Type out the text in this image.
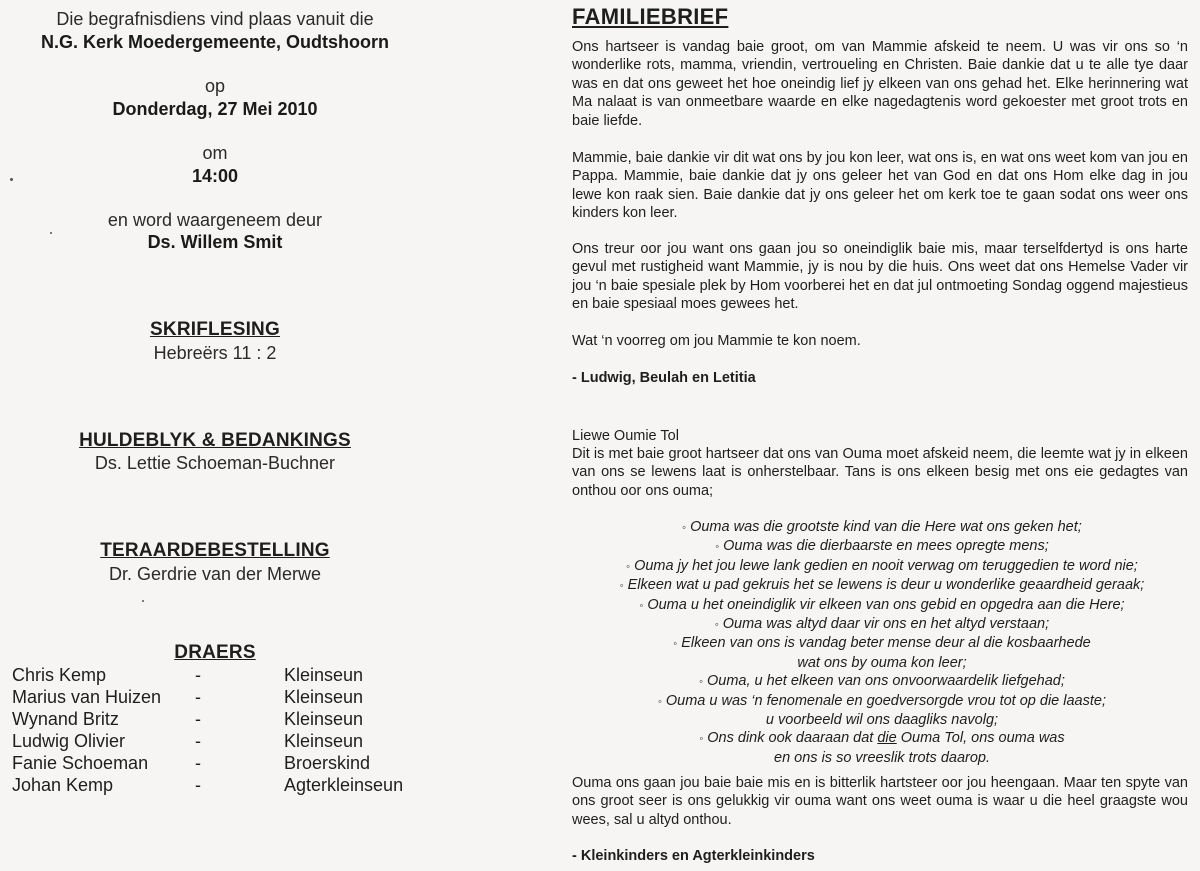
Die begrafnisdiens vind plaas vanuit die
N.G. Kerk Moedergemeente, Oudtshoorn
op
Donderdag, 27 Mei 2010
om
14:00
en word waargeneem deur
Ds. Willem Smit
SKRIFLESING
Hebreërs 11 : 2
HULDEBLYK & BEDANKINGS
Ds. Lettie Schoeman-Buchner
TERAARDEBESTELLING
Dr. Gerdrie van der Merwe
DRAERS
Chris Kemp	-	Kleinseun
Marius van Huizen -	Kleinseun
Wynand Britz	-	Kleinseun
Ludwig Olivier	-	Kleinseun
Fanie Schoeman	-	Broerskind
Johan Kemp	-	Agterkleinseun
FAMILIEBRIEF
Ons hartseer is vandag baie groot, om van Mammie afskeid te neem. U was vir ons so ‘n wonderlike rots, mamma, vriendin, vertroueling en Christen. Baie dankie dat u te alle tye daar was en dat ons geweet het hoe oneindig lief jy elkeen van ons gehad het. Elke herinnering wat Ma nalaat is van onmeetbare waarde en elke nagedagtenis word gekoester met groot trots en baie liefde.
Mammie, baie dankie vir dit wat ons by jou kon leer, wat ons is, en wat ons weet kom van jou en Pappa. Mammie, baie dankie dat jy ons geleer het van God en dat ons Hom elke dag in jou lewe kon raak sien. Baie dankie dat jy ons geleer het om kerk toe te gaan sodat ons weer ons kinders kon leer.
Ons treur oor jou want ons gaan jou so oneindiglik baie mis, maar terselfdertyd is ons harte gevul met rustigheid want Mammie, jy is nou by die huis. Ons weet dat ons Hemelse Vader vir jou ‘n baie spesiale plek by Hom voorberei het en dat jul ontmoeting Sondag oggend majestieus en baie spesiaal moes gewees het.
Wat ‘n voorreg om jou Mammie te kon noem.
- Ludwig, Beulah en Letitia
Liewe Oumie Tol
Dit is met baie groot hartseer dat ons van Ouma moet afskeid neem, die leemte wat jy in elkeen van ons se lewens laat is onherstelbaar. Tans is ons elkeen besig met ons eie gedagtes van onthou oor ons ouma;
◦ Ouma was die grootste kind van die Here wat ons geken het;
◦ Ouma was die dierbaarste en mees opregte mens;
◦ Ouma jy het jou lewe lank gedien en nooit verwag om teruggedien te word nie;
◦ Elkeen wat u pad gekruis het se lewens is deur u wonderlike geaardheid geraak;
◦ Ouma u het oneindiglik vir elkeen van ons gebid en opgedra aan die Here;
◦ Ouma was altyd daar vir ons en het altyd verstaan;
◦ Elkeen van ons is vandag beter mense deur al die kosbaarhede
wat ons by ouma kon leer;
◦ Ouma, u het elkeen van ons onvoorwaardelik liefgehad;
◦ Ouma u was ‘n fenomenale en goedversorgde vrou tot op die laaste;
u voorbeeld wil ons daagliks navolg;
◦ Ons dink ook daaraan dat die Ouma Tol, ons ouma was
en ons is so vreeslik trots daarop.
Ouma ons gaan jou baie baie mis en is bitterlik hartsteer oor jou heengaan. Maar ten spyte van ons groot seer is ons gelukkig vir ouma want ons weet ouma is waar u die heel graagste wou wees, sal u altyd onthou.
- Kleinkinders en Agterkleinkinders
